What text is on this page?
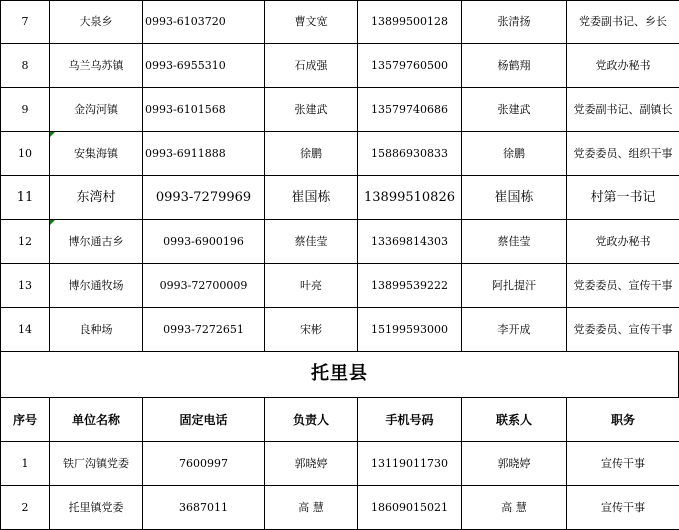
7	大泉乡	0993-6103720	曹文宽	13899500128	张清扬	党委副书记、乡长
8	乌兰乌苏镇	0993-6955310	石成强	13579760500	杨鹤翔	党政办秘书
9	金沟河镇	0993-6101568	张建武	13579740686	张建武	党委副书记、副镇长
10	安集海镇	0993-6911888	徐鹏	15886930833	徐鹏	党委委员、组织干事
11	东湾村	0993-7279969	崔国栋	13899510826	崔国栋	村第一书记
12	博尔通古乡	0993-6900196	蔡佳莹	13369814303	蔡佳莹	党政办秘书
13	博尔通牧场	0993-72700009	叶亮	13899539222	阿扎提汗	党委委员、宣传干事
14	良种场	0993-7272651	宋彬	15199593000	李开成	党委委员、宣传干事
托里县
序号	单位名称	固定电话	负责人	手机号码	联系人	职务
1	铁厂沟镇党委	7600997	郭晓婷	13119011730	郭晓婷	宣传干事
2	托里镇党委	3687011	高 慧	18609015021	高 慧	宣传干事
